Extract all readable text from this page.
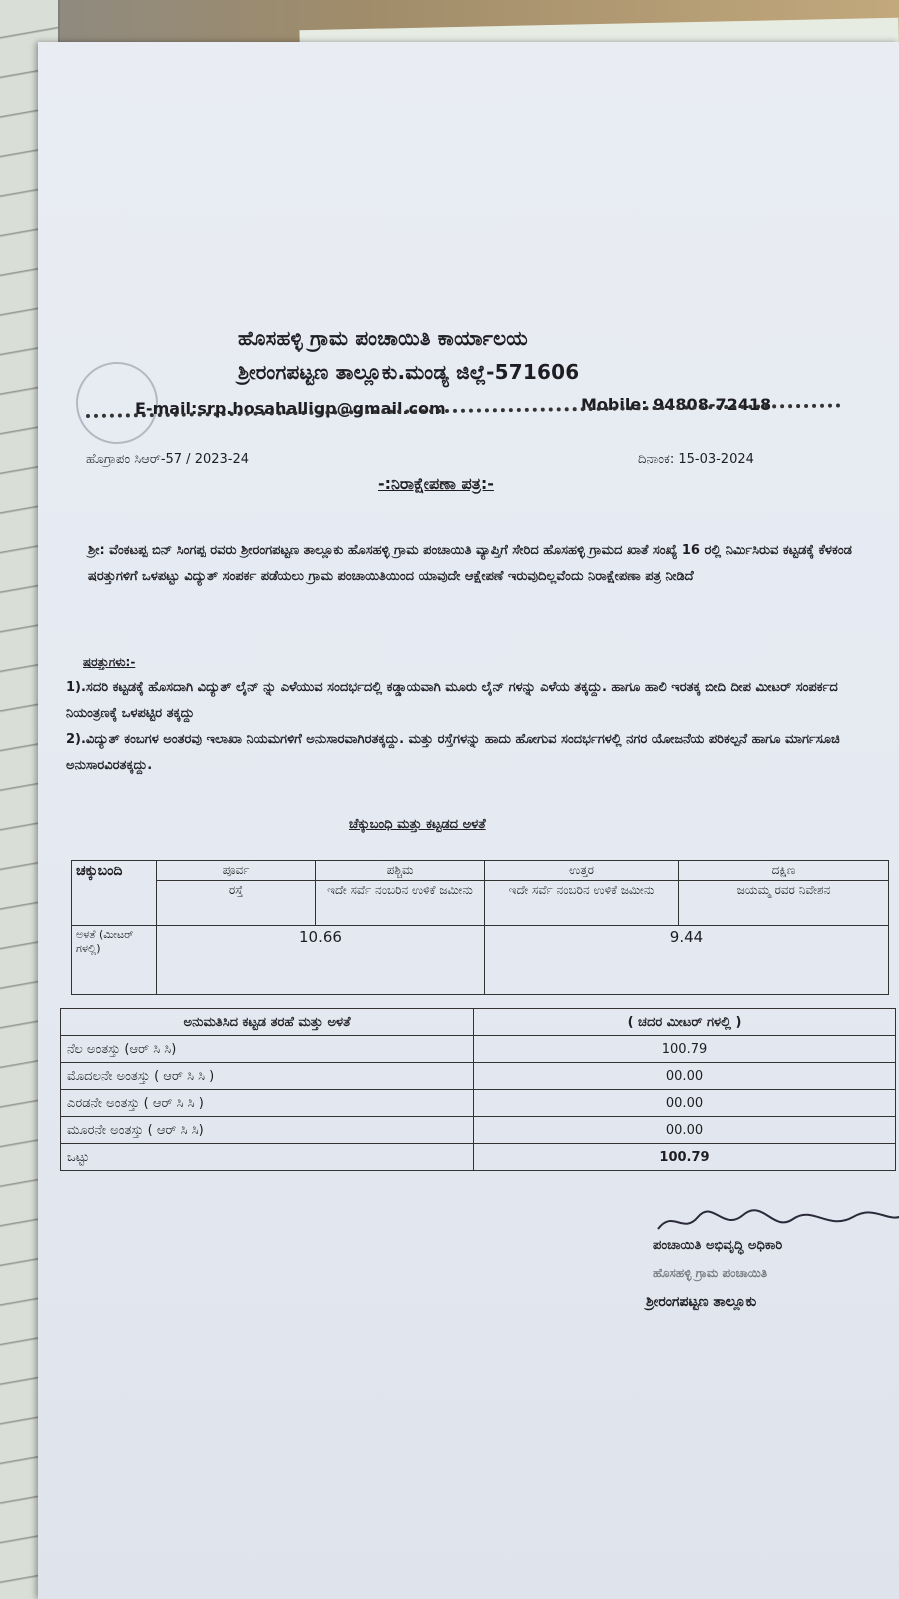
ಹೊಸಹಳ್ಳಿ ಗ್ರಾಮ ಪಂಚಾಯಿತಿ ಕಾರ್ಯಾಲಯ
ಶ್ರೀರಂಗಪಟ್ಟಣ ತಾಲ್ಲೂಕು.ಮಂಡ್ಯ ಜಿಲ್ಲೆ-571606
E-mail:srp.hosahalligp@gmail.com	Mobile: 94808-72418
ಹೊಗ್ರಾಪಂ ಸಿಆರ್-57 / 2023-24	ದಿನಾಂಕ: 15-03-2024
-:ನಿರಾಕ್ಷೇಪಣಾ ಪತ್ರ:-
ಶ್ರೀ: ವೆಂಕಟಪ್ಪ ಬಿನ್ ಸಿಂಗಪ್ಪ ರವರು ಶ್ರೀರಂಗಪಟ್ಟಣ ತಾಲ್ಲೂಕು ಹೊಸಹಳ್ಳಿ ಗ್ರಾಮ ಪಂಚಾಯಿತಿ ವ್ಯಾಪ್ತಿಗೆ ಸೇರಿದ ಹೊಸಹಳ್ಳಿ ಗ್ರಾಮದ ಖಾತೆ ಸಂಖ್ಯೆ 16 ರಲ್ಲಿ ನಿರ್ಮಿಸಿರುವ ಕಟ್ಟಡಕ್ಕೆ ಕೆಳಕಂಡ ಷರತ್ತುಗಳಿಗೆ ಒಳಪಟ್ಟು ವಿದ್ಯುತ್ ಸಂಪರ್ಕ ಪಡೆಯಲು ಗ್ರಾಮ ಪಂಚಾಯಿತಿಯಿಂದ ಯಾವುದೇ ಆಕ್ಷೇಪಣೆ ಇರುವುದಿಲ್ಲವೆಂದು ನಿರಾಕ್ಷೇಪಣಾ ಪತ್ರ ನೀಡಿದೆ
ಷರತ್ತುಗಳು:-
1).ಸದರಿ ಕಟ್ಟಡಕ್ಕೆ ಹೊಸದಾಗಿ ವಿದ್ಯುತ್ ಲೈನ್ ನ್ನು ಎಳೆಯುವ ಸಂದರ್ಭದಲ್ಲಿ ಕಡ್ಡಾಯವಾಗಿ ಮೂರು ಲೈನ್ ಗಳನ್ನು ಎಳೆಯ ತಕ್ಕದ್ದು. ಹಾಗೂ ಹಾಲಿ ಇರತಕ್ಕ ಬೀದಿ ದೀಪ ಮೀಟರ್ ಸಂಪರ್ಕದ ನಿಯಂತ್ರಣಕ್ಕೆ ಒಳಪಟ್ಟಿರ ತಕ್ಕದ್ದು
2).ವಿದ್ಯುತ್ ಕಂಬಗಳ ಅಂತರವು ಇಲಾಖಾ ನಿಯಮಗಳಿಗೆ ಅನುಸಾರವಾಗಿರತಕ್ಕದ್ದು. ಮತ್ತು ರಸ್ತೆಗಳನ್ನು ಹಾದು ಹೋಗುವ ಸಂದರ್ಭಗಳಲ್ಲಿ ನಗರ ಯೋಜನೆಯ ಪರಿಕಲ್ಪನೆ ಹಾಗೂ ಮಾರ್ಗಸೂಚಿ ಅನುಸಾರವಿರತಕ್ಕದ್ದು.
ಚೆಕ್ಕುಬಂಧಿ ಮತ್ತು ಕಟ್ಟಡದ ಅಳತೆ
ಚಕ್ಕುಬಂದಿ	ಪೂರ್ವ	ಪಶ್ಚಿಮ	ಉತ್ತರ	ದಕ್ಷಿಣ
	ರಸ್ತೆ	ಇದೇ ಸರ್ವೆ ನಂಬರಿನ ಉಳಿಕೆ ಜಮೀನು	ಇದೇ ಸರ್ವೆ ನಂಬರಿನ ಉಳಿಕೆ ಜಮೀನು	ಜಯಮ್ಮ ರವರ ನಿವೇಶನ
ಅಳತೆ (ಮೀಟರ್ ಗಳಲ್ಲಿ)	10.66		9.44	
ಅನುಮತಿಸಿದ ಕಟ್ಟಡ ತರಹೆ ಮತ್ತು ಅಳತೆ	( ಚದರ ಮೀಟರ್ ಗಳಲ್ಲಿ )
ನೆಲ ಅಂತಸ್ತು (ಆರ್ ಸಿ ಸಿ)	100.79
ಮೊದಲನೇ ಅಂತಸ್ತು ( ಆರ್ ಸಿ ಸಿ )	00.00
ಎರಡನೇ ಅಂತಸ್ತು ( ಆರ್ ಸಿ ಸಿ )	00.00
ಮೂರನೇ ಅಂತಸ್ತು ( ಆರ್ ಸಿ ಸಿ)	00.00
ಒಟ್ಟು	100.79
ಪಂಚಾಯಿತಿ ಅಭಿವೃದ್ಧಿ ಅಧಿಕಾರಿ
ಹೊಸಹಳ್ಳಿ ಗ್ರಾಮ ಪಂಚಾಯಿತಿ
ಶ್ರೀರಂಗಪಟ್ಟಣ ತಾಲ್ಲೂಕು
